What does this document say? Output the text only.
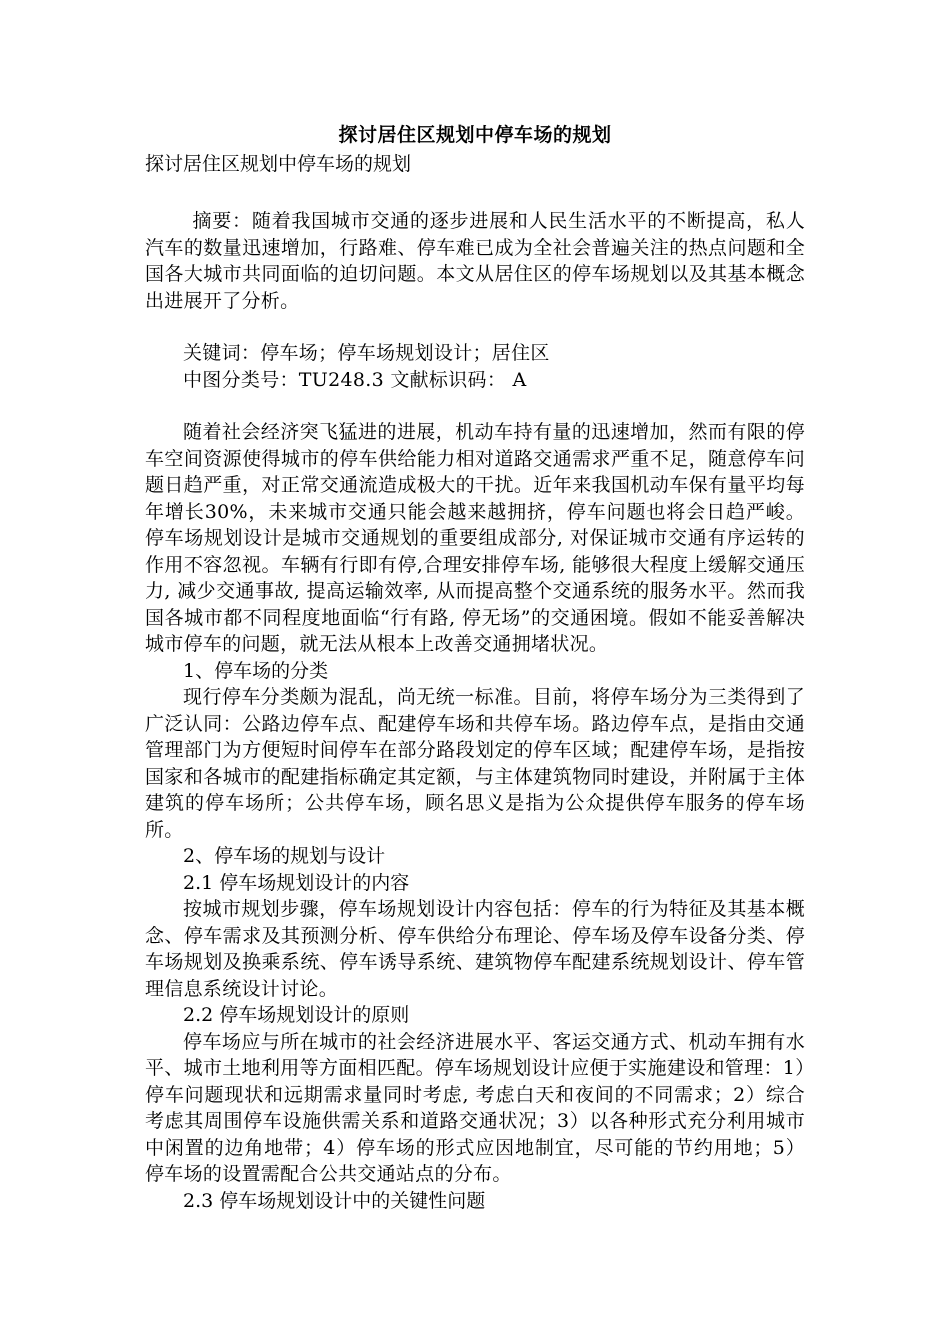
探讨居住区规划中停车场的规划

探讨居住区规划中停车场的规划

摘要：随着我国城市交通的逐步进展和人民生活水平的不断提高，私人汽车的数量迅速增加，行路难、停车难已成为全社会普遍关注的热点问题和全国各大城市共同面临的迫切问题。本文从居住区的停车场规划以及其基本概念出进展开了分析。

关键词：停车场；停车场规划设计；居住区

中图分类号：TU248.3 文献标识码： A

随着社会经济突飞猛进的进展，机动车持有量的迅速增加，然而有限的停车空间资源使得城市的停车供给能力相对道路交通需求严重不足，随意停车问题日趋严重，对正常交通流造成极大的干扰。近年来我国机动车保有量平均每年增长30%，未来城市交通只能会越来越拥挤，停车问题也将会日趋严峻。停车场规划设计是城市交通规划的重要组成部分, 对保证城市交通有序运转的作用不容忽视。车辆有行即有停,合理安排停车场, 能够很大程度上缓解交通压力, 减少交通事故, 提高运输效率, 从而提高整个交通系统的服务水平。然而我国各城市都不同程度地面临“行有路, 停无场”的交通困境。假如不能妥善解决城市停车的问题，就无法从根本上改善交通拥堵状况。

1、停车场的分类

现行停车分类颇为混乱，尚无统一标准。目前，将停车场分为三类得到了广泛认同：公路边停车点、配建停车场和共停车场。路边停车点，是指由交通管理部门为方便短时间停车在部分路段划定的停车区域；配建停车场，是指按国家和各城市的配建指标确定其定额，与主体建筑物同时建设，并附属于主体建筑的停车场所；公共停车场，顾名思义是指为公众提供停车服务的停车场所。

2、停车场的规划与设计

2.1 停车场规划设计的内容

按城市规划步骤，停车场规划设计内容包括：停车的行为特征及其基本概念、停车需求及其预测分析、停车供给分布理论、停车场及停车设备分类、停车场规划及换乘系统、停车诱导系统、建筑物停车配建系统规划设计、停车管理信息系统设计讨论。

2.2 停车场规划设计的原则

停车场应与所在城市的社会经济进展水平、客运交通方式、机动车拥有水平、城市土地利用等方面相匹配。停车场规划设计应便于实施建设和管理：1）停车问题现状和远期需求量同时考虑, 考虑白天和夜间的不同需求；2）综合考虑其周围停车设施供需关系和道路交通状况；3）以各种形式充分利用城市中闲置的边角地带；4）停车场的形式应因地制宜，尽可能的节约用地；5）停车场的设置需配合公共交通站点的分布。

2.3 停车场规划设计中的关键性问题
